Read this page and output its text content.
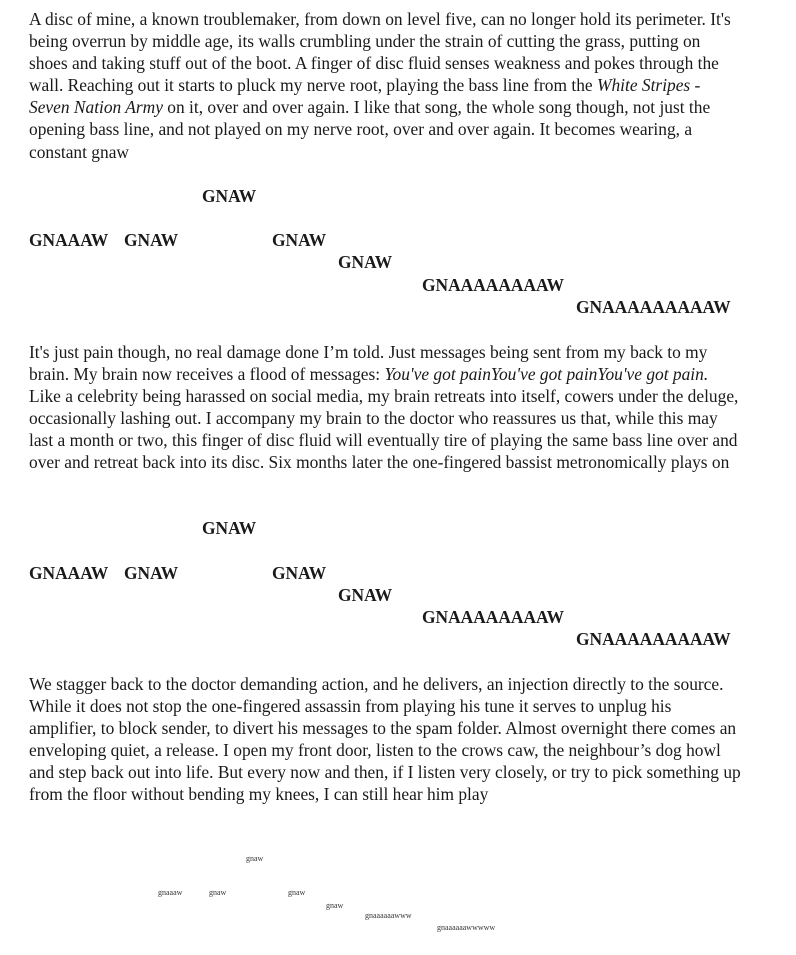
A disc of mine, a known troublemaker, from down on level five, can no longer hold its perimeter. It's being overrun by middle age, its walls crumbling under the strain of cutting the grass, putting on shoes and taking stuff out of the boot. A finger of disc fluid senses weakness and pokes through the wall. Reaching out it starts to pluck my nerve root, playing the bass line from the White Stripes - Seven Nation Army on it, over and over again. I like that song, the whole song though, not just the opening bass line, and not played on my nerve root, over and over again. It becomes wearing, a constant gnaw

GNAW
GNAAAW GNAW	GNAW
GNAW
GNAAAAAAAAW
GNAAAAAAAAAW

It's just pain though, no real damage done I’m told. Just messages being sent from my back to my brain. My brain now receives a flood of messages: You've got painYou've got painYou've got pain. Like a celebrity being harassed on social media, my brain retreats into itself, cowers under the deluge, occasionally lashing out. I accompany my brain to the doctor who reassures us that, while this may last a month or two, this finger of disc fluid will eventually tire of playing the same bass line over and over and retreat back into its disc. Six months later the one-fingered bassist metronomically plays on

GNAW
GNAAAW GNAW	GNAW
GNAW
GNAAAAAAAAW
GNAAAAAAAAAW

We stagger back to the doctor demanding action, and he delivers, an injection directly to the source. While it does not stop the one-fingered assassin from playing his tune it serves to unplug his amplifier, to block sender, to divert his messages to the spam folder. Almost overnight there comes an enveloping quiet, a release. I open my front door, listen to the crows caw, the neighbour’s dog howl and step back out into life. But every now and then, if I listen very closely, or try to pick something up from the floor without bending my knees, I can still hear him play

gnaw
gnaaaw	gnaw	gnaw
gnaw
gnaaaaaawww
gnaaaaaawwwww
